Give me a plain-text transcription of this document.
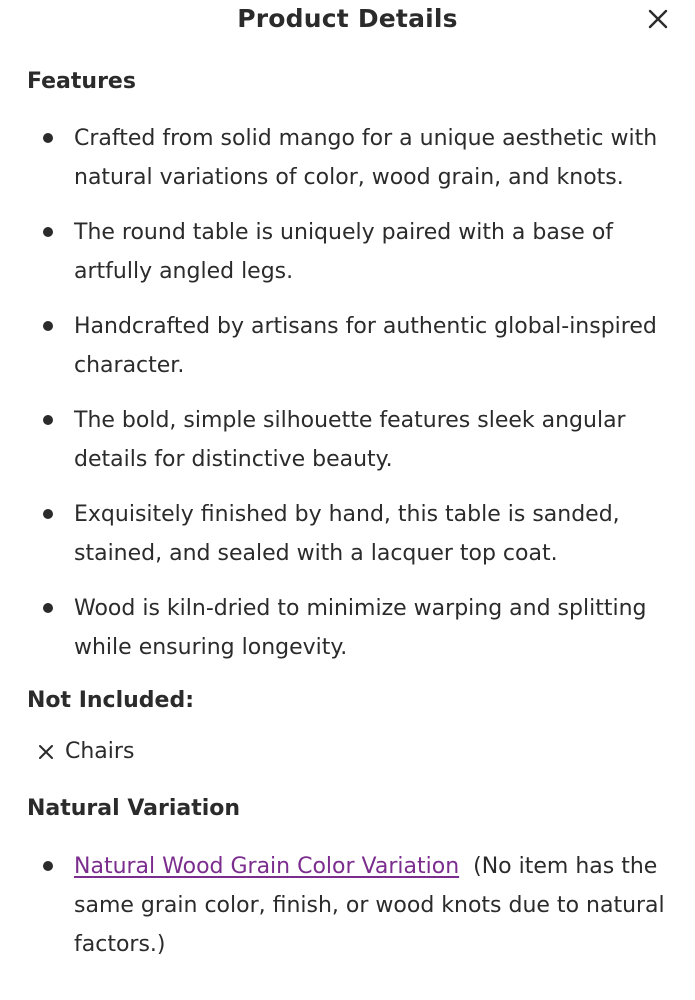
Product Details
Features
Crafted from solid mango for a unique aesthetic with natural variations of color, wood grain, and knots.
The round table is uniquely paired with a base of artfully angled legs.
Handcrafted by artisans for authentic global-inspired character.
The bold, simple silhouette features sleek angular details for distinctive beauty.
Exquisitely finished by hand, this table is sanded, stained, and sealed with a lacquer top coat.
Wood is kiln-dried to minimize warping and splitting while ensuring longevity.
Not Included:
Chairs
Natural Variation
Natural Wood Grain Color Variation (No item has the same grain color, finish, or wood knots due to natural factors.)
